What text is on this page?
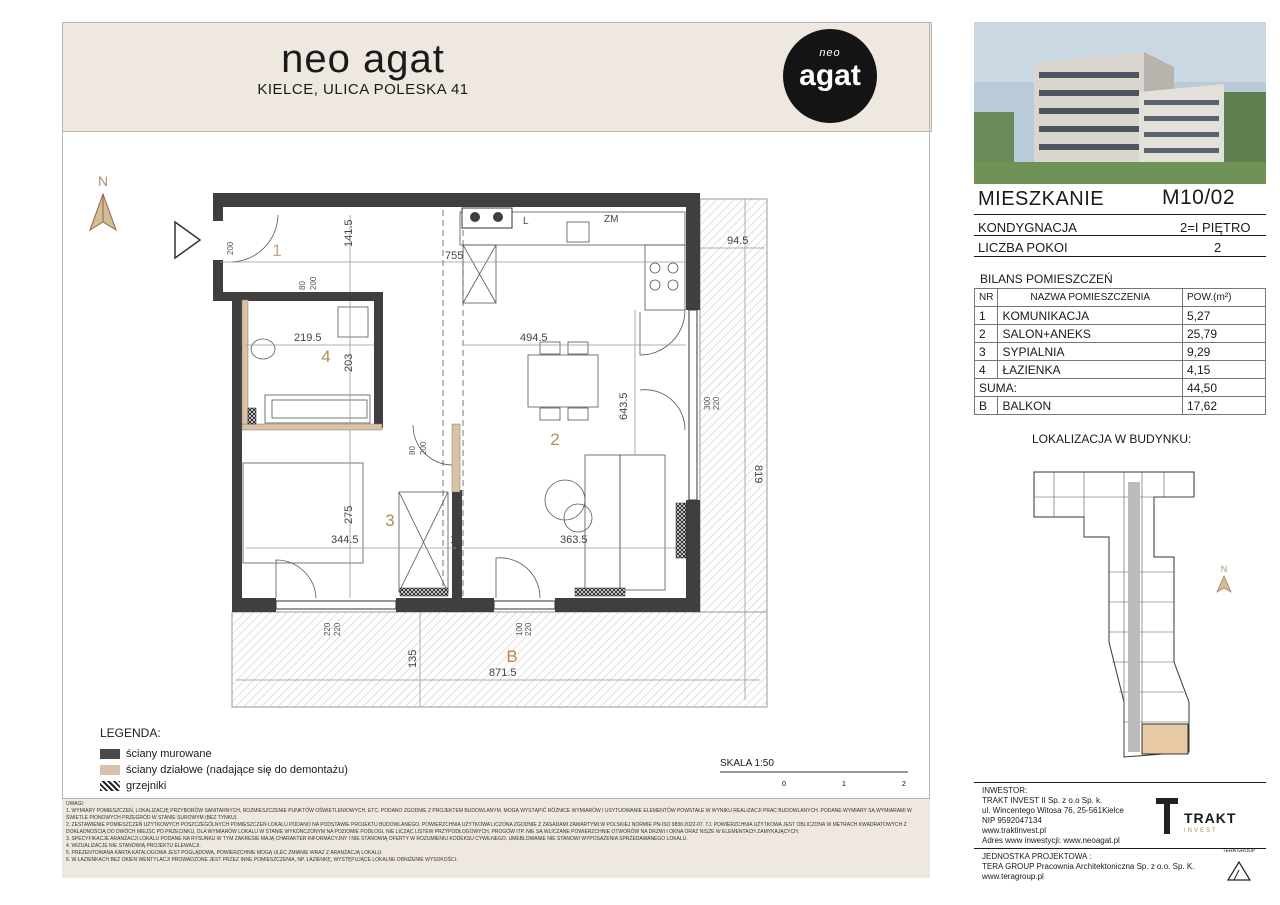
neo agat
KIELCE, ULICA POLESKA 41
neo
agat
N
1
2
3
4
B
141.5
755
94.5
219.5	494.5
203
643.5
819
275
344.5	18	363.5
135
871.5
ZM
L
80 200
80 200
200
300 220
220 220	100 220
LEGENDA:
ściany murowane
ściany działowe (nadające się do demontażu)
grzejniki
SKALA 1:50
0	1	2
UWAGI:
1. WYMIARY POMIESZCZEŃ, LOKALIZACJĘ PRZYBORÓW SANITARNYCH, ROZMIESZCZENIE PUNKTÓW OŚWIETLENIOWYCH, ETC. PODANO ZGODNIE Z PROJEKTEM BUDOWLANYM. MOGĄ WYSTĄPIĆ RÓŻNICE WYMIARÓW I USYTUOWANIE ELEMENTÓW POWSTAŁE W WYNIKU REALIZACJI PRAC BUDOWLANYCH. PODANE WYMIARY SĄ WYMIARAMI W ŚWIETLE PIONOWYCH PRZEGRÓD W STANIE SUROWYM (BEZ TYNKU).
2. ZESTAWIENIE POMIESZCZEŃ UŻYTKOWYCH POSZCZEGÓLNYCH POMIESZCZEŃ LOKALU PODANO NA PODSTAWIE PROJEKTU BUDOWLANEGO. POWIERZCHNIA UŻYTKOWA LICZONA ZGODNIE Z ZASADAMI ZAWARTYMI W POLSKIEJ NORMIE PN-ISO 9836:2022-07. TJ. POWIERZCHNIA UŻYTKOWA JEST OBLICZONA W METRACH KWADRATOWYCH Z DOKŁADNOŚCIĄ DO DWÓCH MIEJSC PO PRZECINKU, DLA WYMIARÓW LOKALU W STANIE WYKOŃCZONYM NA POZIOMIE PODŁOGI, NIE LICZĄC LISTEW PRZYPODŁOGOWYCH, PROGÓW ITP. NIE SĄ WLICZANE POWIERZCHNIE OTWORÓW NA DRZWI I OKNA ORAZ NISZE W ELEMENTACH ZAMYKAJĄCYCH.
3. SPECYFIKACJE ARANŻACJI LOKALU PODANE NA RYSUNKU W TYM ZAKRESIE MAJĄ CHARAKTER INFORMACYJNY I NIE STANOWIĄ OFERTY W ROZUMIENIU KODEKSU CYWILNEGO, UMEBLOWANIE NIE STANOWI WYPOSAŻENIA SPRZEDAWANEGO LOKALU.
4. WIZUALIZACJE NIE STANOWIĄ PROJEKTU ELEWACJI.
5. PREZENTOWANA KARTA KATALOGOWA JEST POGLĄDOWA, POWIERZCHNIE MOGĄ ULEC ZMIANIE WRAZ Z ARANŻACJĄ LOKALU.
6. W ŁAZIENKACH BEZ OKIEN WENTYLACJI PROWADZONE JEST PRZEZ INNE POMIESZCZENIA, NP. ŁAZIENKĘ, WYSTĘPUJĄCE LOKALNE OBNIŻENIE WYSOKOŚCI.
MIESZKANIE	M10/02
KONDYGNACJA	2=I PIĘTRO
LICZBA POKOI	2
BILANS POMIESZCZEŃ
NR	NAZWA POMIESZCZENIA	POW.(m²)
1	KOMUNIKACJA	5,27
2	SALON+ANEKS	25,79
3	SYPIALNIA	9,29
4	ŁAZIENKA	4,15
SUMA:		44,50
B	BALKON	17,62
LOKALIZACJA W BUDYNKU:
N
INWESTOR:
TRAKT INVEST II Sp. z o.o Sp. k.
ul. Wincentego Witosa 76, 25-561Kielce
NIP 9592047134
www.traktinvest.pl
Adres www inwestycji: www.neoagat.pl
TRAKT
INVEST
JEDNOSTKA PROJEKTOWA :
TERA GROUP Pracownia Architektoniczna Sp. z o.o. Sp. K.
www.teragroup.pl
TERA GROUP
